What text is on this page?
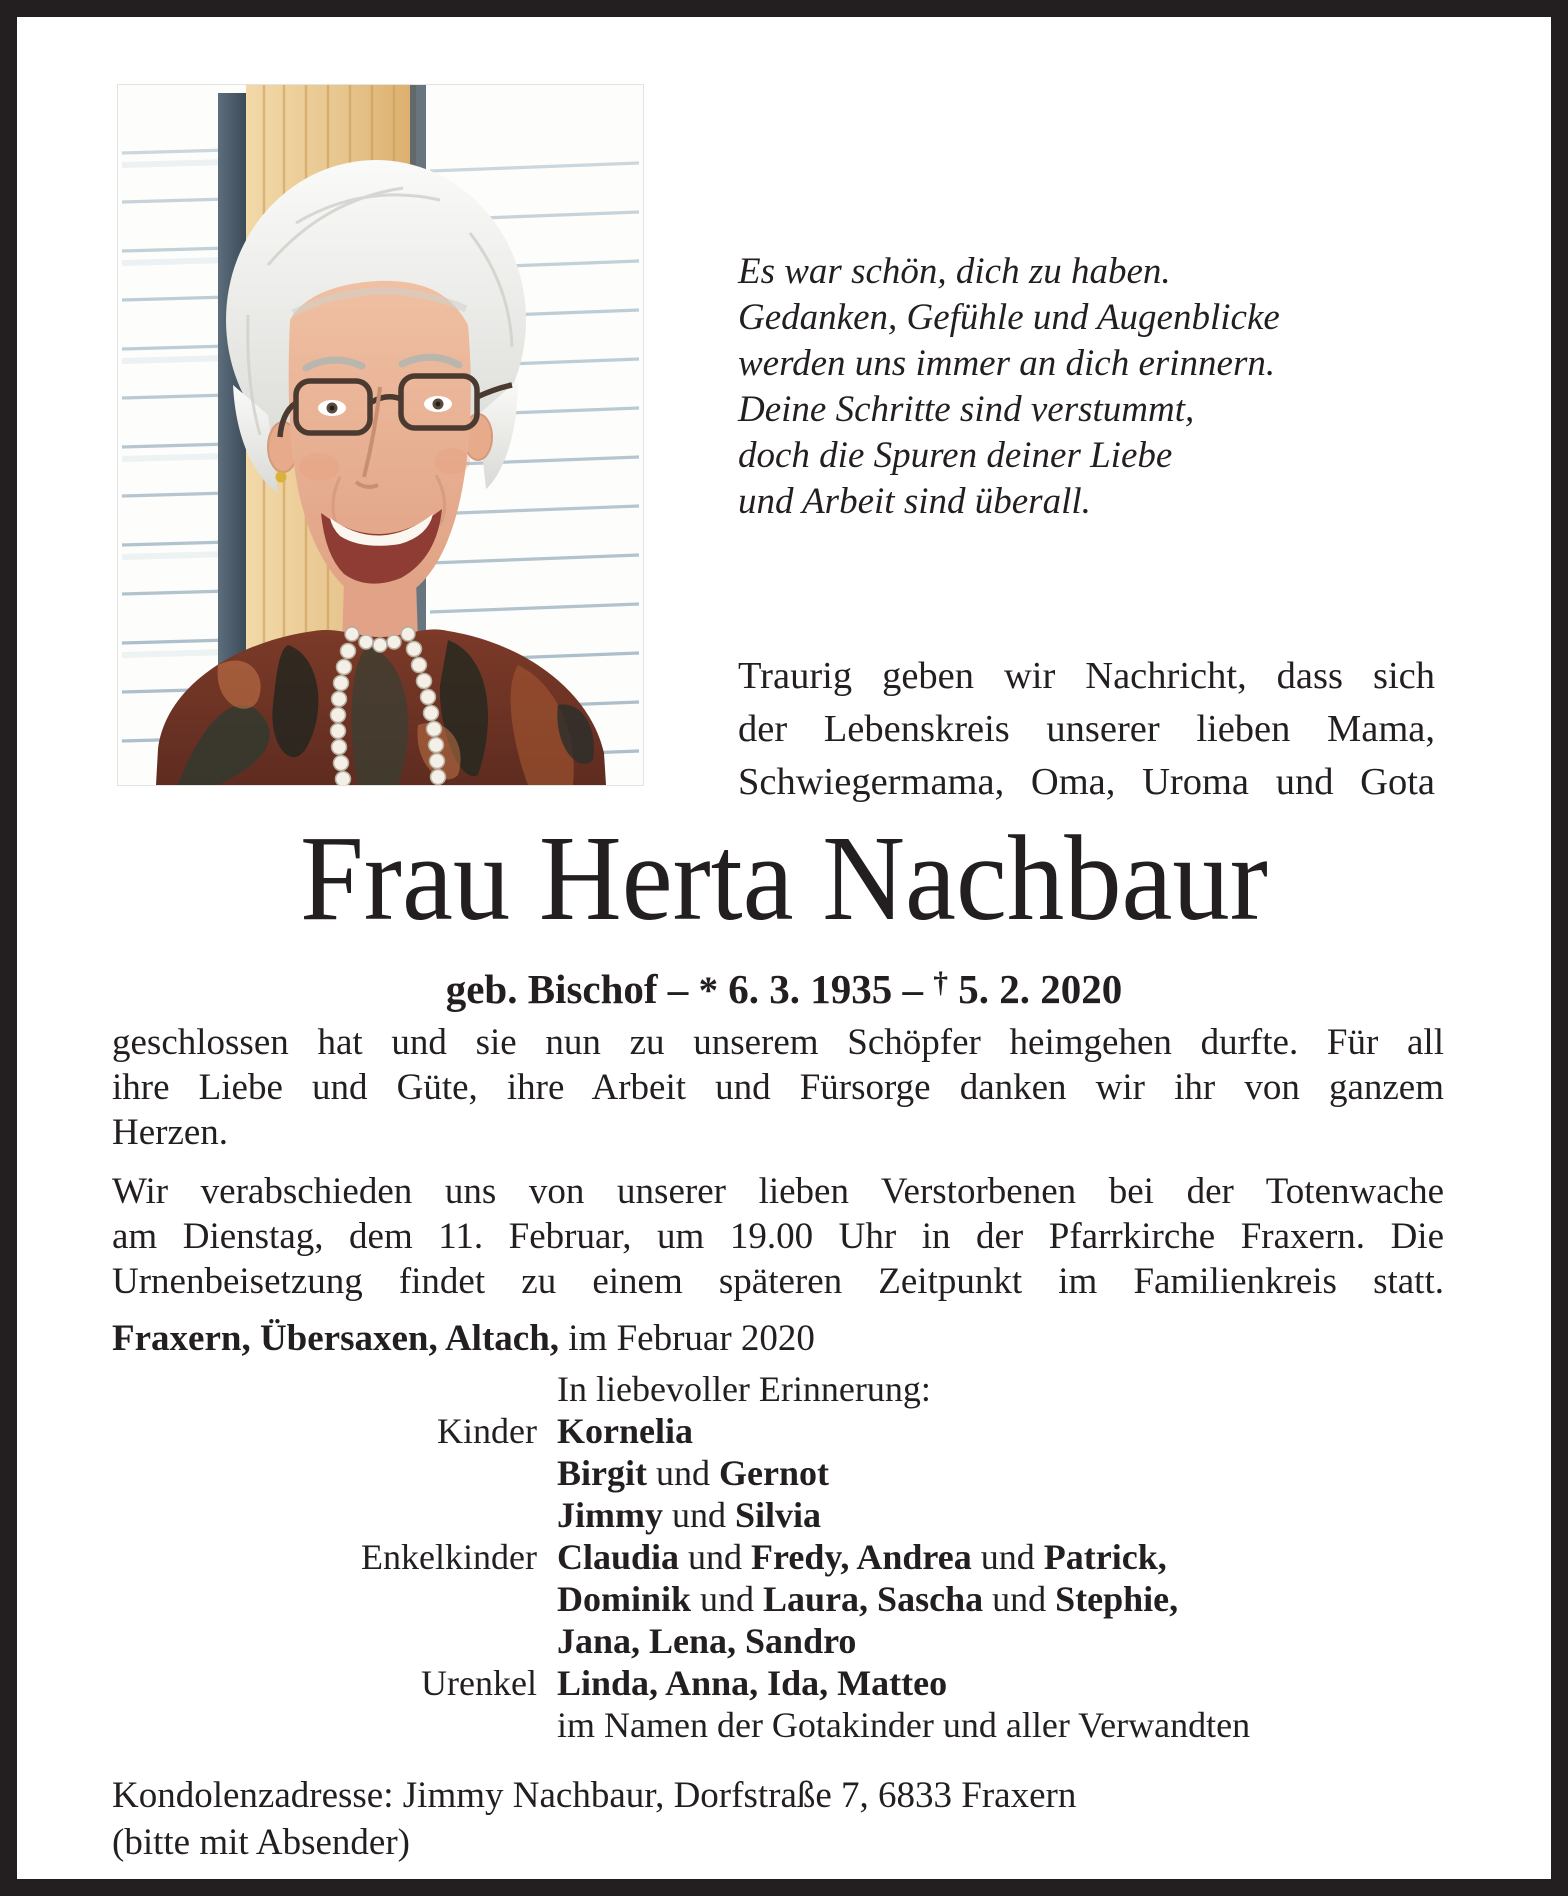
Es war schön, dich zu haben.
Gedanken, Gefühle und Augenblicke
werden uns immer an dich erinnern.
Deine Schritte sind verstummt,
doch die Spuren deiner Liebe
und Arbeit sind überall.
Traurig geben wir Nachricht, dass sich
der Lebenskreis unserer lieben Mama,
Schwiegermama, Oma, Uroma und Gota
Frau Herta Nachbaur
geb. Bischof – * 6. 3. 1935 – † 5. 2. 2020
geschlossen hat und sie nun zu unserem Schöpfer heimgehen durfte. Für all
ihre Liebe und Güte, ihre Arbeit und Fürsorge danken wir ihr von ganzem
Herzen.
Wir verabschieden uns von unserer lieben Verstorbenen bei der Totenwache
am Dienstag, dem 11. Februar, um 19.00 Uhr in der Pfarrkirche Fraxern. Die
Urnenbeisetzung findet zu einem späteren Zeitpunkt im Familienkreis statt.
Fraxern, Übersaxen, Altach, im Februar 2020
In liebevoller Erinnerung:
Kinder Kornelia
Birgit und Gernot
Jimmy und Silvia
Enkelkinder Claudia und Fredy, Andrea und Patrick,
Dominik und Laura, Sascha und Stephie,
Jana, Lena, Sandro
Urenkel Linda, Anna, Ida, Matteo
im Namen der Gotakinder und aller Verwandten
Kondolenzadresse: Jimmy Nachbaur, Dorfstraße 7, 6833 Fraxern
(bitte mit Absender)
